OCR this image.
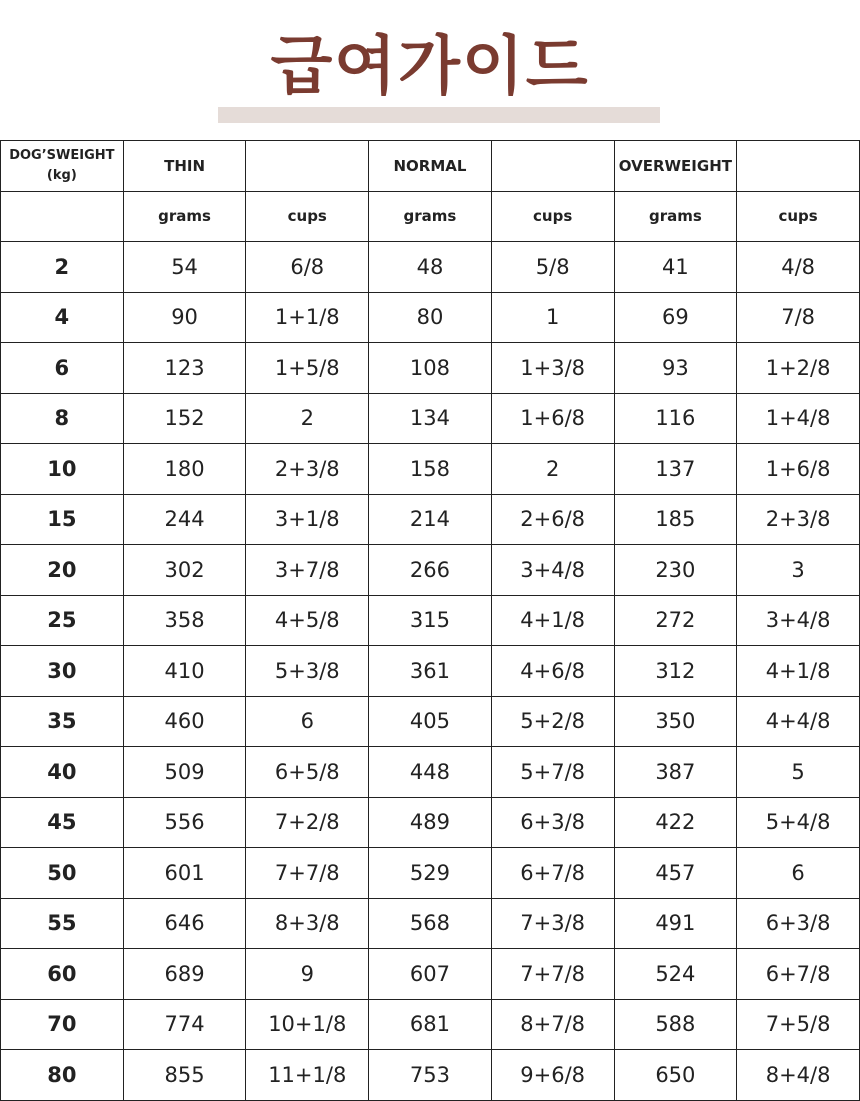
급여가이드
DOG’SWEIGHT (kg)	THIN		NORMAL		OVERWEIGHT	
	grams	cups	grams	cups	grams	cups
2	54	6/8	48	5/8	41	4/8
4	90	1+1/8	80	1	69	7/8
6	123	1+5/8	108	1+3/8	93	1+2/8
8	152	2	134	1+6/8	116	1+4/8
10	180	2+3/8	158	2	137	1+6/8
15	244	3+1/8	214	2+6/8	185	2+3/8
20	302	3+7/8	266	3+4/8	230	3
25	358	4+5/8	315	4+1/8	272	3+4/8
30	410	5+3/8	361	4+6/8	312	4+1/8
35	460	6	405	5+2/8	350	4+4/8
40	509	6+5/8	448	5+7/8	387	5
45	556	7+2/8	489	6+3/8	422	5+4/8
50	601	7+7/8	529	6+7/8	457	6
55	646	8+3/8	568	7+3/8	491	6+3/8
60	689	9	607	7+7/8	524	6+7/8
70	774	10+1/8	681	8+7/8	588	7+5/8
80	855	11+1/8	753	9+6/8	650	8+4/8
